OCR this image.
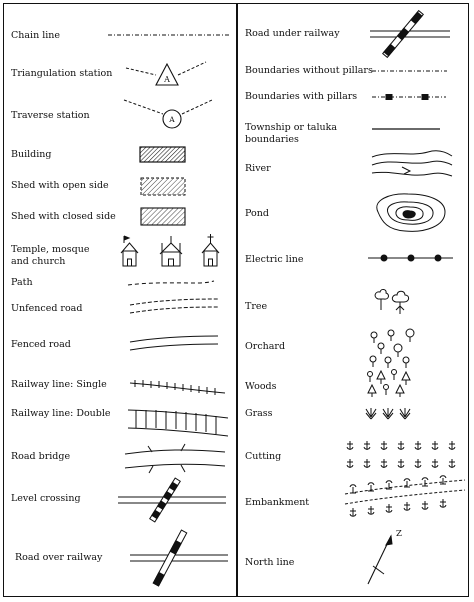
Chain line
Triangulation station
Traverse station
Building
Shed with open side
Shed with closed side
Temple, mosque
and church
Path
Unfenced road
Fenced road
Railway line: Single
Railway line: Double
Road bridge
Level crossing
Road over railway
Road under railway
Boundaries without pillars
Boundaries with pillars
Township or taluka
boundaries
River
Pond
Electric line
Tree
Orchard
Woods
Grass
Cutting
Embankment
North line
A
A
Z
